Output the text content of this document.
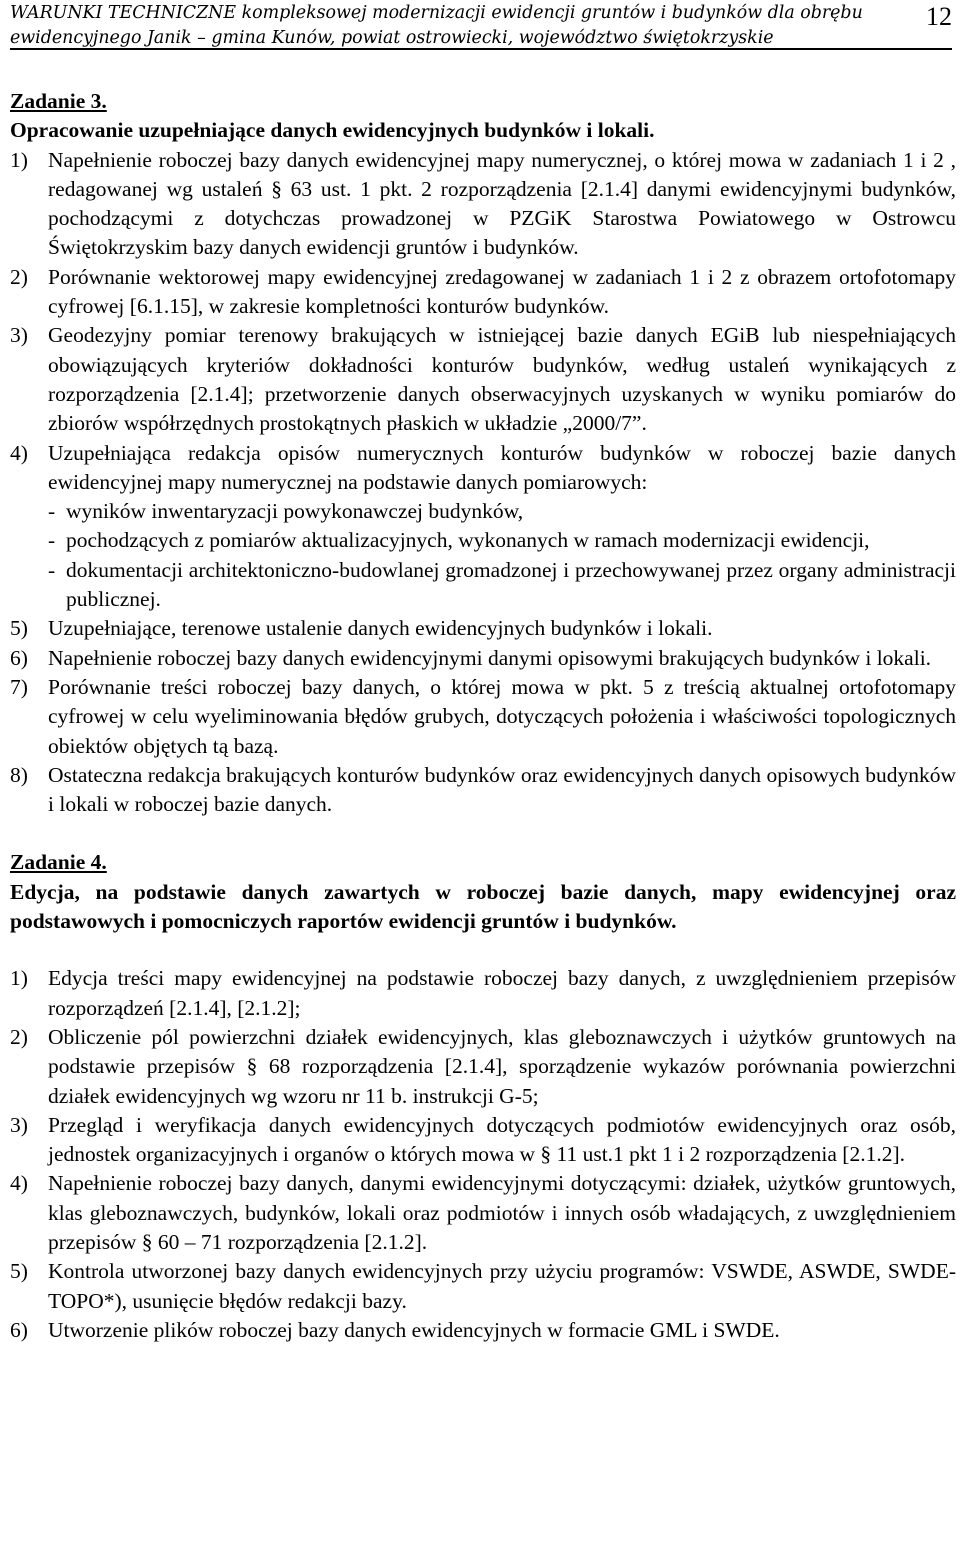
WARUNKI TECHNICZNE kompleksowej modernizacji ewidencji gruntów i budynków dla obrębu
ewidencyjnego Janik – gmina Kunów, powiat ostrowiecki, województwo świętokrzyskie
12
Zadanie 3.
Opracowanie uzupełniające danych ewidencyjnych budynków i lokali.
1) Napełnienie roboczej bazy danych ewidencyjnej mapy numerycznej, o której mowa w zadaniach 1 i 2 , redagowanej wg ustaleń § 63 ust. 1 pkt. 2 rozporządzenia [2.1.4] danymi ewidencyjnymi budynków, pochodzącymi z dotychczas prowadzonej w PZGiK Starostwa Powiatowego w Ostrowcu Świętokrzyskim bazy danych ewidencji gruntów i budynków.
2) Porównanie wektorowej mapy ewidencyjnej zredagowanej w zadaniach 1 i 2 z obrazem ortofotomapy cyfrowej [6.1.15], w zakresie kompletności konturów budynków.
3) Geodezyjny pomiar terenowy brakujących w istniejącej bazie danych EGiB lub niespełniających obowiązujących kryteriów dokładności konturów budynków, według ustaleń wynikających z rozporządzenia [2.1.4]; przetworzenie danych obserwacyjnych uzyskanych w wyniku pomiarów do zbiorów współrzędnych prostokątnych płaskich w układzie „2000/7”.
4) Uzupełniająca redakcja opisów numerycznych konturów budynków w roboczej bazie danych ewidencyjnej mapy numerycznej na podstawie danych pomiarowych:
- wyników inwentaryzacji powykonawczej budynków,
- pochodzących z pomiarów aktualizacyjnych, wykonanych w ramach modernizacji ewidencji,
- dokumentacji architektoniczno-budowlanej gromadzonej i przechowywanej przez organy administracji publicznej.
5) Uzupełniające, terenowe ustalenie danych ewidencyjnych budynków i lokali.
6) Napełnienie roboczej bazy danych ewidencyjnymi danymi opisowymi brakujących budynków i lokali.
7) Porównanie treści roboczej bazy danych, o której mowa w pkt. 5 z treścią aktualnej ortofotomapy cyfrowej w celu wyeliminowania błędów grubych, dotyczących położenia i właściwości topologicznych obiektów objętych tą bazą.
8) Ostateczna redakcja brakujących konturów budynków oraz ewidencyjnych danych opisowych budynków i lokali w roboczej bazie danych.
Zadanie 4.
Edycja, na podstawie danych zawartych w roboczej bazie danych, mapy ewidencyjnej oraz podstawowych i pomocniczych raportów ewidencji gruntów i budynków.
1) Edycja treści mapy ewidencyjnej na podstawie roboczej bazy danych, z uwzględnieniem przepisów rozporządzeń [2.1.4], [2.1.2];
2) Obliczenie pól powierzchni działek ewidencyjnych, klas gleboznawczych i użytków gruntowych na podstawie przepisów § 68 rozporządzenia [2.1.4], sporządzenie wykazów porównania powierzchni działek ewidencyjnych wg wzoru nr 11 b. instrukcji G-5;
3) Przegląd i weryfikacja danych ewidencyjnych dotyczących podmiotów ewidencyjnych oraz osób, jednostek organizacyjnych i organów o których mowa w § 11 ust.1 pkt 1 i 2 rozporządzenia [2.1.2].
4) Napełnienie roboczej bazy danych, danymi ewidencyjnymi dotyczącymi: działek, użytków gruntowych, klas gleboznawczych, budynków, lokali oraz podmiotów i innych osób władających, z uwzględnieniem przepisów § 60 – 71 rozporządzenia [2.1.2].
5) Kontrola utworzonej bazy danych ewidencyjnych przy użyciu programów: VSWDE, ASWDE, SWDE-TOPO*), usunięcie błędów redakcji bazy.
6) Utworzenie plików roboczej bazy danych ewidencyjnych w formacie GML i SWDE.
